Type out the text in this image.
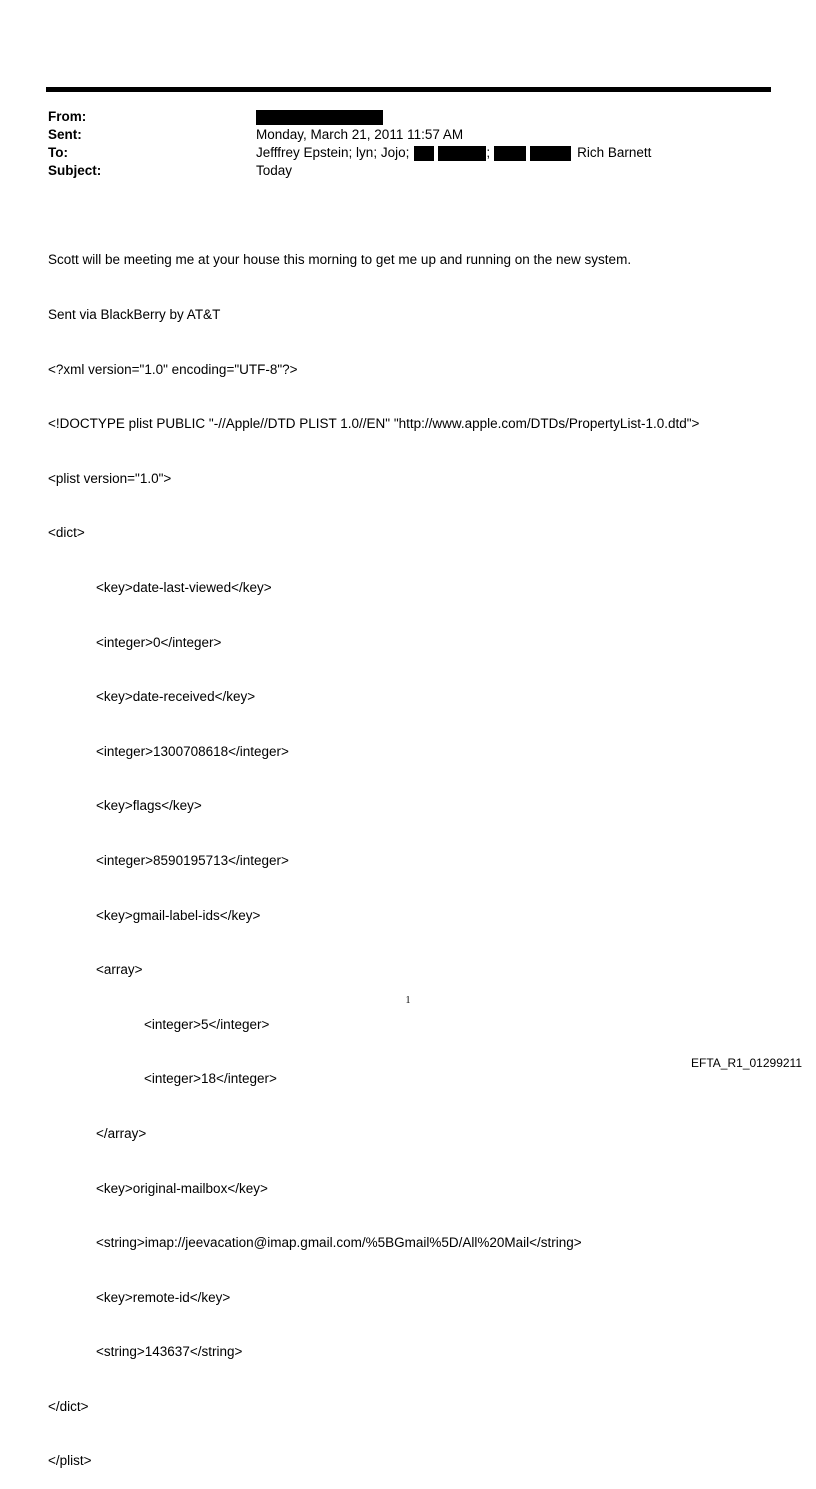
From:
Sent:	Monday, March 21, 2011 11:57 AM
To:	Jefffrey Epstein; lyn; Jojo;	;	Rich Barnett
Subject:	Today

Scott will be meeting me at your house this morning to get me up and running on the new system.

Sent via BlackBerry by AT&T

<?xml version="1.0" encoding="UTF-8"?>

<!DOCTYPE plist PUBLIC "-//Apple//DTD PLIST 1.0//EN" "http://www.apple.com/DTDs/PropertyList-1.0.dtd">

<plist version="1.0">

<dict>

<key>date-last-viewed</key>

<integer>0</integer>

<key>date-received</key>

<integer>1300708618</integer>

<key>flags</key>

<integer>8590195713</integer>

<key>gmail-label-ids</key>

<array>

<integer>5</integer>

<integer>18</integer>

</array>

<key>original-mailbox</key>

<string>imap://jeevacation@imap.gmail.com/%5BGmail%5D/All%20Mail</string>

<key>remote-id</key>

<string>143637</string>

</dict>

</plist>

1
EFTA_R1_01299211
